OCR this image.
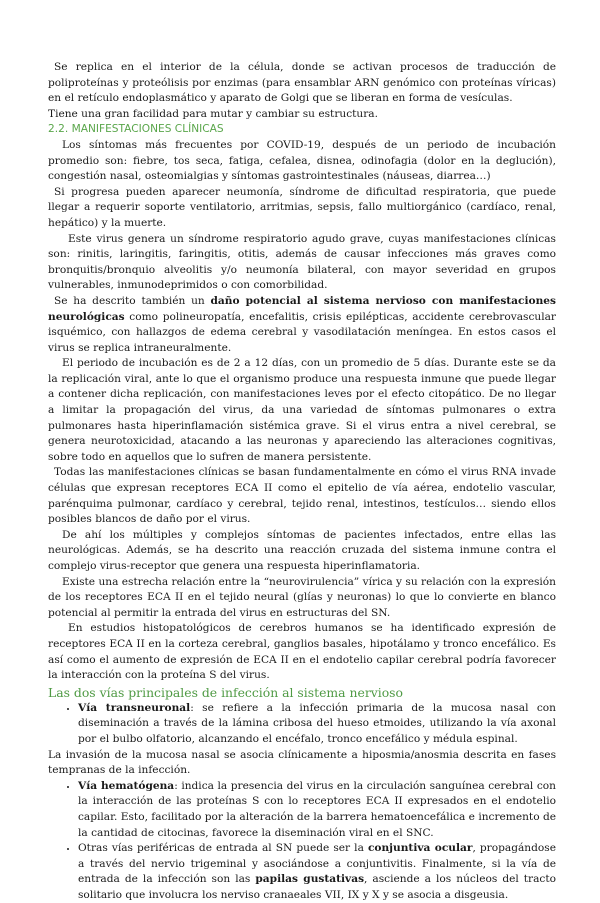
Se replica en el interior de la célula, donde se activan procesos de traducción de poliproteínas y proteólisis por enzimas (para ensamblar ARN genómico con proteínas víricas) en el retículo endoplasmático y aparato de Golgi que se liberan en forma de vesículas.

Tiene una gran facilidad para mutar y cambiar su estructura.

2.2. MANIFESTACIONES CLÍNICAS

Los síntomas más frecuentes por COVID-19, después de un periodo de incubación promedio son: fiebre, tos seca, fatiga, cefalea, disnea, odinofagia (dolor en la deglución), congestión nasal, osteomialgias y síntomas gastrointestinales (náuseas, diarrea…)

Si progresa pueden aparecer neumonía, síndrome de dificultad respiratoria, que puede llegar a requerir soporte ventilatorio, arritmias, sepsis, fallo multiorgánico (cardíaco, renal, hepático) y la muerte.

Este virus genera un síndrome respiratorio agudo grave, cuyas manifestaciones clínicas son: rinitis, laringitis, faringitis, otitis, además de causar infecciones más graves como bronquitis/bronquio alveolitis y/o neumonía bilateral, con mayor severidad en grupos vulnerables, inmunodeprimidos o con comorbilidad.

Se ha descrito también un daño potencial al sistema nervioso con manifestaciones neurológicas como polineuropatía, encefalitis, crisis epilépticas, accidente cerebrovascular isquémico, con hallazgos de edema cerebral y vasodilatación meníngea. En estos casos el virus se replica intraneuralmente.

El periodo de incubación es de 2 a 12 días, con un promedio de 5 días. Durante este se da la replicación viral, ante lo que el organismo produce una respuesta inmune que puede llegar a contener dicha replicación, con manifestaciones leves por el efecto citopático. De no llegar a limitar la propagación del virus, da una variedad de síntomas pulmonares o extra pulmonares hasta hiperinflamación sistémica grave. Si el virus entra a nivel cerebral, se genera neurotoxicidad, atacando a las neuronas y apareciendo las alteraciones cognitivas, sobre todo en aquellos que lo sufren de manera persistente.

Todas las manifestaciones clínicas se basan fundamentalmente en cómo el virus RNA invade células que expresan receptores ECA II como el epitelio de vía aérea, endotelio vascular, parénquima pulmonar, cardíaco y cerebral, tejido renal, intestinos, testículos… siendo ellos posibles blancos de daño por el virus.

De ahí los múltiples y complejos síntomas de pacientes infectados, entre ellas las neurológicas. Además, se ha descrito una reacción cruzada del sistema inmune contra el complejo virus-receptor que genera una respuesta hiperinflamatoria.

Existe una estrecha relación entre la “neurovirulencia” vírica y su relación con la expresión de los receptores ECA II en el tejido neural (glías y neuronas) lo que lo convierte en blanco potencial al permitir la entrada del virus en estructuras del SN.

En estudios histopatológicos de cerebros humanos se ha identificado expresión de receptores ECA II en la corteza cerebral, ganglios basales, hipotálamo y tronco encefálico. Es así como el aumento de expresión de ECA II en el endotelio capilar cerebral podría favorecer la interacción con la proteína S del virus.

Las dos vías principales de infección al sistema nervioso

• Vía transneuronal: se refiere a la infección primaria de la mucosa nasal con diseminación a través de la lámina cribosa del hueso etmoides, utilizando la vía axonal por el bulbo olfatorio, alcanzando el encéfalo, tronco encefálico y médula espinal.

La invasión de la mucosa nasal se asocia clínicamente a hiposmia/anosmia descrita en fases tempranas de la infección.

• Vía hematógena: indica la presencia del virus en la circulación sanguínea cerebral con la interacción de las proteínas S con lo receptores ECA II expresados en el endotelio capilar. Esto, facilitado por la alteración de la barrera hematoencefálica e incremento de la cantidad de citocinas, favorece la diseminación viral en el SNC.
• Otras vías periféricas de entrada al SN puede ser la conjuntiva ocular, propagándose a través del nervio trigeminal y asociándose a conjuntivitis. Finalmente, si la vía de entrada de la infección son las papilas gustativas, asciende a los núcleos del tracto solitario que involucra los nerviso cranaeales VII, IX y X y se asocia a disgeusia.
